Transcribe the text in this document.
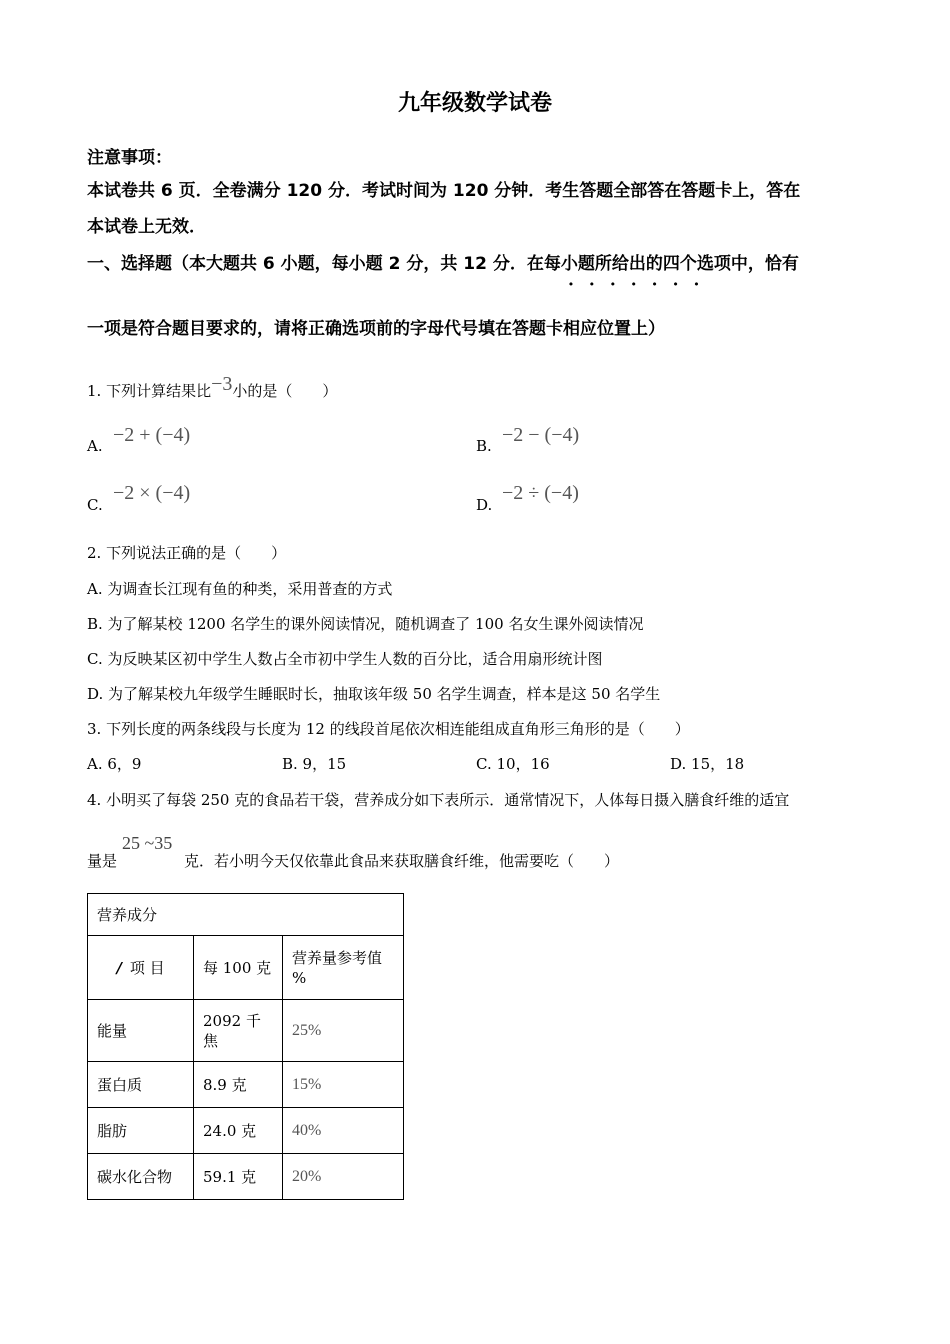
九年级数学试卷
注意事项：
本试卷共 6 页．全卷满分 120 分．考试时间为 120 分钟．考生答题全部答在答题卡上，答在
本试卷上无效．
一、选择题（本大题共 6 小题，每小题 2 分，共 12 分．在每小题所给出的四个选项中，恰有
·······
一项是符合题目要求的，请将正确选项前的字母代号填在答题卡相应位置上）
1. 下列计算结果比−3小的是（　　）
A. −2 + (−4)	B. −2 − (−4)
C.
−2 × (−4)
D.
−2 ÷ (−4)
2. 下列说法正确的是（　　）
A. 为调查长江现有鱼的种类，采用普查的方式
B. 为了解某校 1200 名学生的课外阅读情况，随机调查了 100 名女生课外阅读情况
C. 为反映某区初中学生人数占全市初中学生人数的百分比，适合用扇形统计图
D. 为了解某校九年级学生睡眠时长，抽取该年级 50 名学生调查，样本是这 50 名学生
3. 下列长度的两条线段与长度为 12 的线段首尾依次相连能组成直角形三角形的是（　　）
A. 6，9	B. 9，15	C. 10，16	D. 15，18
4. 小明买了每袋 250 克的食品若干袋，营养成分如下表所示．通常情况下，人体每日摄入膳食纤维的适宜
25 ~35
量是	克．若小明今天仅依靠此食品来获取膳食纤维，他需要吃（　　）
营养成分		
/ 项 目	每 100 克	营养量参考值 %
能量	2092 千焦	25%
蛋白质	8.9 克	15%
脂肪	24.0 克	40%
碳水化合物	59.1 克	20%
